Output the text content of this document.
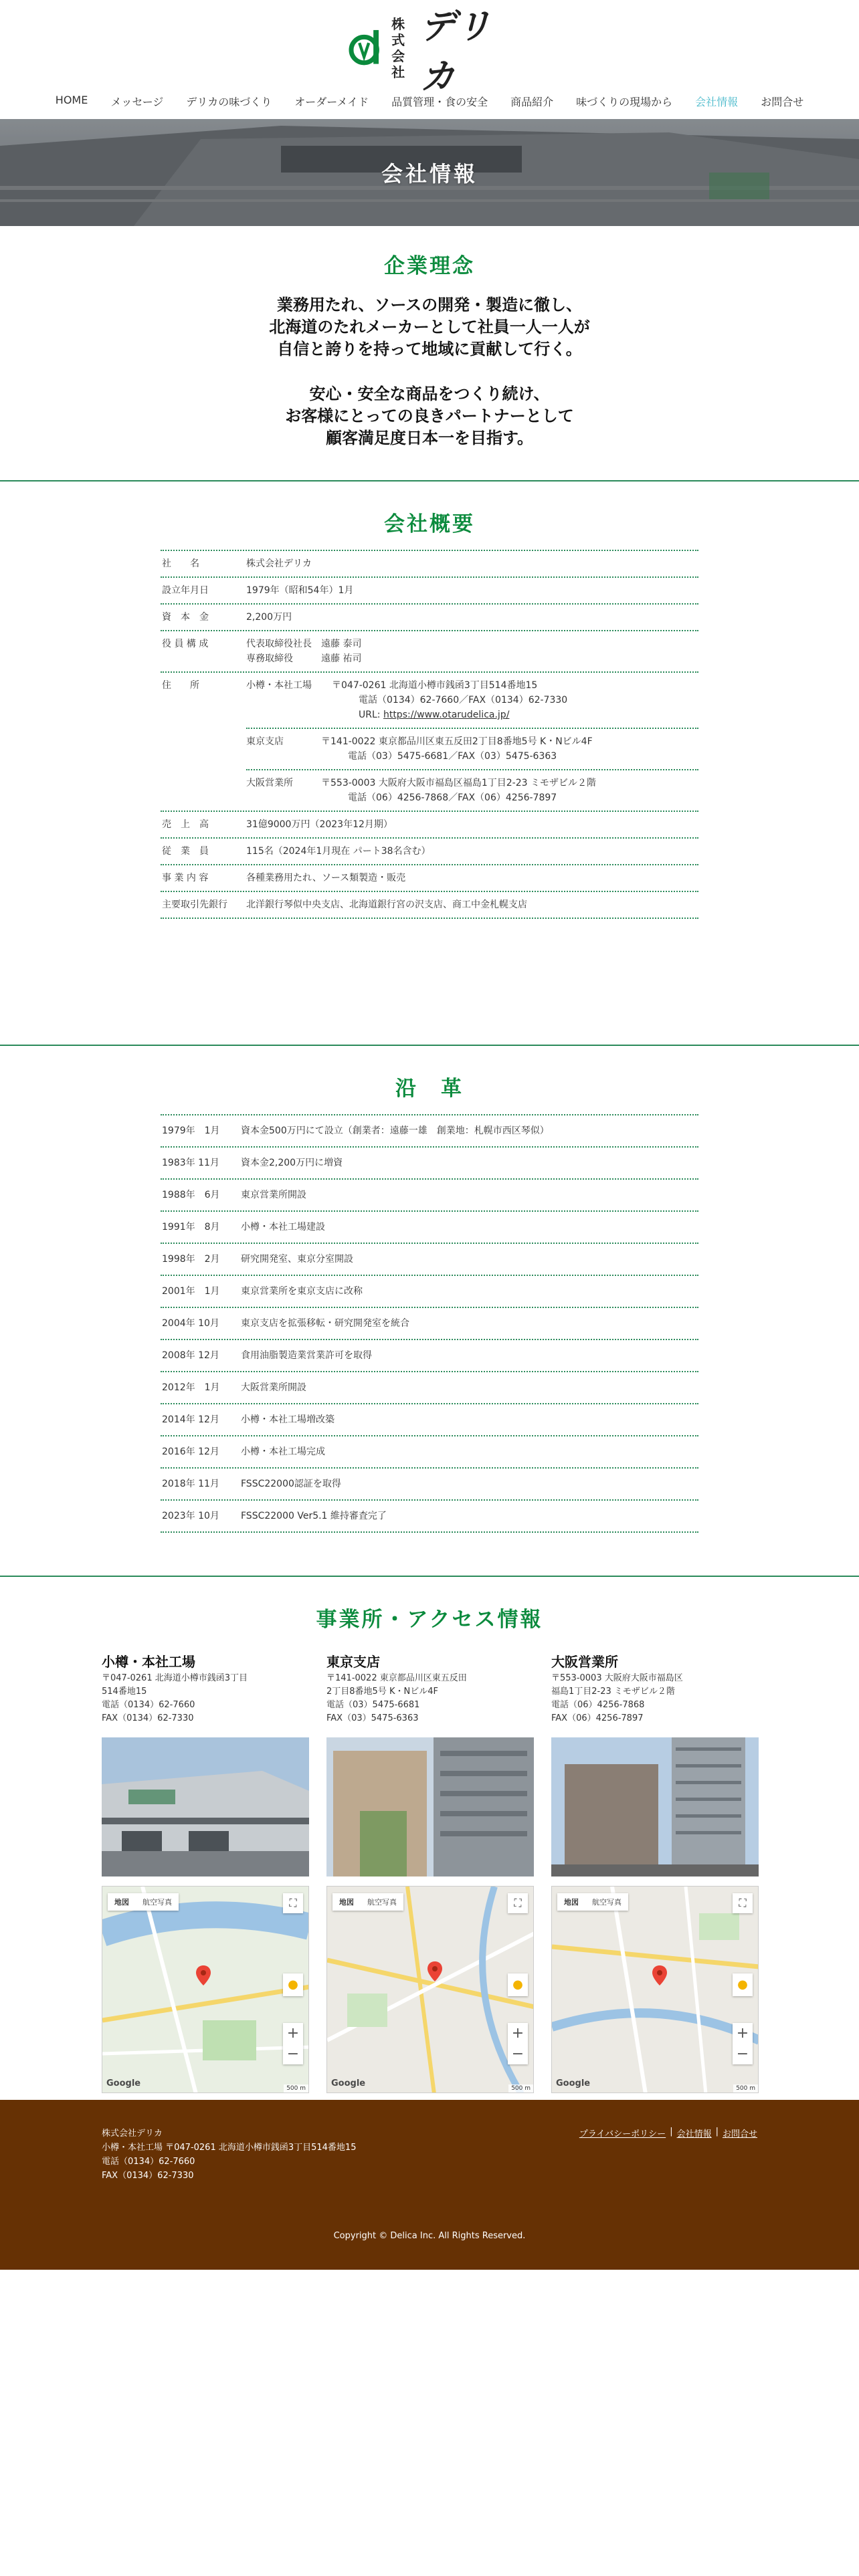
株式
会社
デリカ
HOME	メッセージ	デリカの味づくり	オーダーメイド	品質管理・食の安全	商品紹介	味づくりの現場から	会社情報	お問合せ
会社情報
企業理念
業務用たれ、ソースの開発・製造に徹し、
北海道のたれメーカーとして社員一人一人が
自信と誇りを持って地域に貢献して行く。
安心・安全な商品をつくり続け、
お客様にとっての良きパートナーとして
顧客満足度日本一を目指す。
会社概要
社　　名	株式会社デリカ
設立年月日	1979年（昭和54年）1月
資　本　金	2,200万円
役 員 構 成	代表取締役社長　遠藤 泰司
専務取締役　　　遠藤 祐司
住　　所	小樽・本社工場	〒047-0261 北海道小樽市銭函3丁目514番地15
電話（0134）62-7660／FAX（0134）62-7330
URL: https://www.otarudelica.jp/
東京支店	〒141-0022 東京都品川区東五反田2丁目8番地5号 K・Nビル4F
電話（03）5475-6681／FAX（03）5475-6363
大阪営業所	〒553-0003 大阪府大阪市福島区福島1丁目2-23 ミモザビル２階
電話（06）4256-7868／FAX（06）4256-7897
売　上　高	31億9000万円（2023年12月期）
従　業　員	115名（2024年1月現在 パート38名含む）
事 業 内 容	各種業務用たれ、ソース類製造・販売
主要取引先銀行	北洋銀行琴似中央支店、北海道銀行宮の沢支店、商工中金札幌支店
沿　革
1979年　1月	資本金500万円にて設立（創業者：遠藤一雄　創業地：札幌市西区琴似）
1983年 11月	資本金2,200万円に増資
1988年　6月	東京営業所開設
1991年　8月	小樽・本社工場建設
1998年　2月	研究開発室、東京分室開設
2001年　1月	東京営業所を東京支店に改称
2004年 10月	東京支店を拡張移転・研究開発室を統合
2008年 12月	食用油脂製造業営業許可を取得
2012年　1月	大阪営業所開設
2014年 12月	小樽・本社工場増改築
2016年 12月	小樽・本社工場完成
2018年 11月	FSSC22000認証を取得
2023年 10月	FSSC22000 Ver5.1 維持審査完了
事業所・アクセス情報
小樽・本社工場
〒047-0261 北海道小樽市銭函3丁目
514番地15
電話（0134）62-7660
FAX（0134）62-7330
地図	航空写真	⛶
●
+
−
Google	500 m
東京支店
〒141-0022 東京都品川区東五反田
2丁目8番地5号 K・Nビル4F
電話（03）5475-6681
FAX（03）5475-6363
地図	航空写真	⛶
●
+
−
Google	500 m
大阪営業所
〒553-0003 大阪府大阪市福島区
福島1丁目2-23 ミモザビル２階
電話（06）4256-7868
FAX（06）4256-7897
地図	航空写真	⛶
●
+
−
Google	500 m
株式会社デリカ
小樽・本社工場 〒047-0261 北海道小樽市銭函3丁目514番地15
電話（0134）62-7660
FAX（0134）62-7330
プライバシーポリシー | 会社情報 | お問合せ
Copyright © Delica Inc. All Rights Reserved.
